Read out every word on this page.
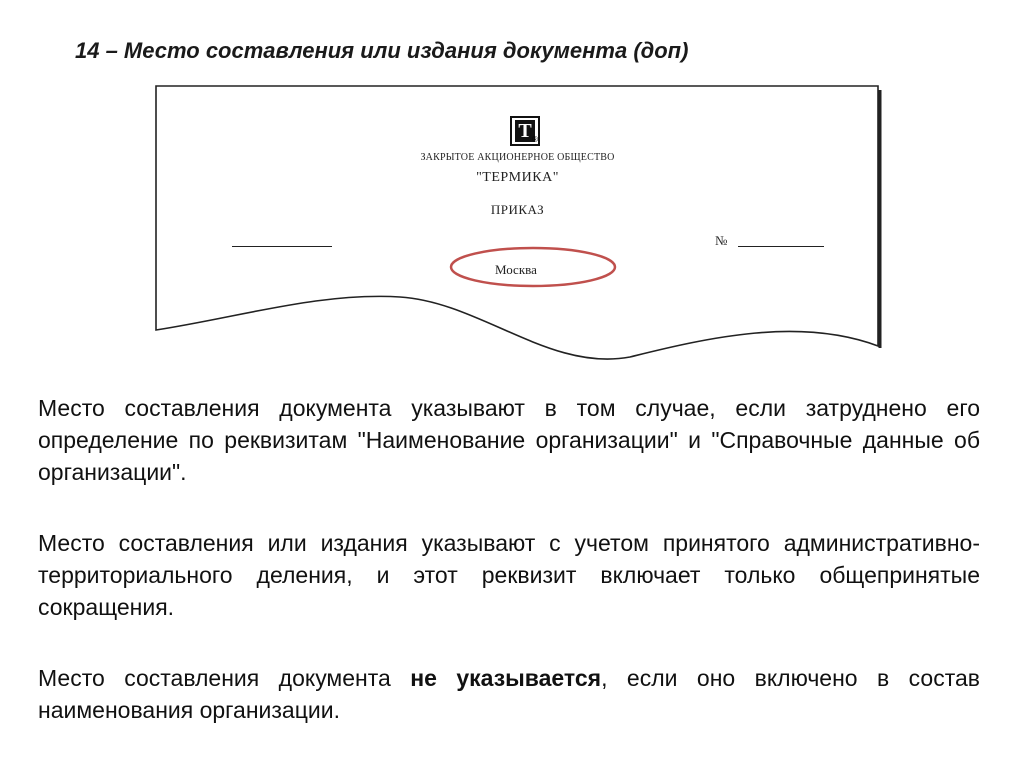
14 – Место составления или издания документа (доп)
T ®
ЗАКРЫТОЕ АКЦИОНЕРНОЕ ОБЩЕСТВО
"ТЕРМИКА"
ПРИКАЗ
№
Москва
Место составления документа указывают в том случае, если затруднено его определение по реквизитам "Наименование организации" и "Справочные данные об организации".
Место составления или издания указывают с учетом принятого административно-территориального деления, и этот реквизит включает только общепринятые сокращения.
Место составления документа не указывается, если оно включено в состав наименования организации.
